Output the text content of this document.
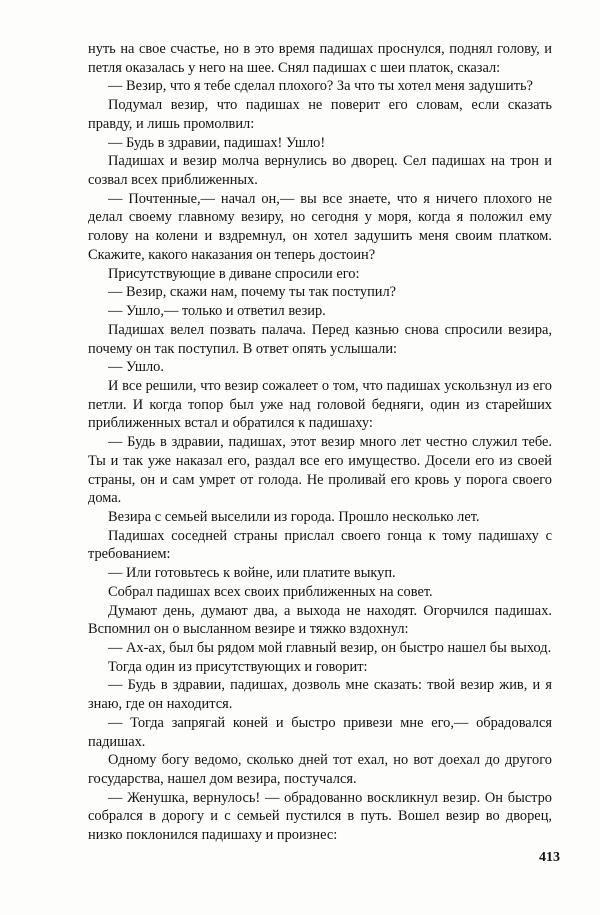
нуть на свое счастье, но в это время падишах проснулся, поднял голову, и петля оказалась у него на шее. Снял падишах с шеи платок, сказал:

— Везир, что я тебе сделал плохого? За что ты хотел меня задушить?

Подумал везир, что падишах не поверит его словам, если сказать правду, и лишь промолвил:

— Будь в здравии, падишах! Ушло!

Падишах и везир молча вернулись во дворец. Сел падишах на трон и созвал всех приближенных.

— Почтенные,— начал он,— вы все знаете, что я ничего плохого не делал своему главному везиру, но сегодня у моря, когда я положил ему голову на колени и вздремнул, он хотел задушить меня своим платком. Скажите, какого наказания он теперь достоин?

Присутствующие в диване спросили его:

— Везир, скажи нам, почему ты так поступил?

— Ушло,— только и ответил везир.

Падишах велел позвать палача. Перед казнью снова спросили везира, почему он так поступил. В ответ опять услышали:

— Ушло.

И все решили, что везир сожалеет о том, что падишах ускользнул из его петли. И когда топор был уже над головой бедняги, один из старейших приближенных встал и обратился к падишаху:

— Будь в здравии, падишах, этот везир много лет честно служил тебе. Ты и так уже наказал его, раздал все его имущество. Досели его из своей страны, он и сам умрет от голода. Не проливай его кровь у порога своего дома.

Везира с семьей выселили из города. Прошло несколько лет.

Падишах соседней страны прислал своего гонца к тому падишаху с требованием:

— Или готовьтесь к войне, или платите выкуп.

Собрал падишах всех своих приближенных на совет.

Думают день, думают два, а выхода не находят. Огорчился падишах. Вспомнил он о высланном везире и тяжко вздохнул:

— Ах-ах, был бы рядом мой главный везир, он быстро нашел бы выход.

Тогда один из присутствующих и говорит:

— Будь в здравии, падишах, дозволь мне сказать: твой везир жив, и я знаю, где он находится.

— Тогда запрягай коней и быстро привези мне его,— обрадовался падишах.

Одному богу ведомо, сколько дней тот ехал, но вот доехал до другого государства, нашел дом везира, постучался.

— Женушка, вернулось! — обрадованно воскликнул везир. Он быстро собрался в дорогу и с семьей пустился в путь. Вошел везир во дворец, низко поклонился падишаху и произнес:

413
